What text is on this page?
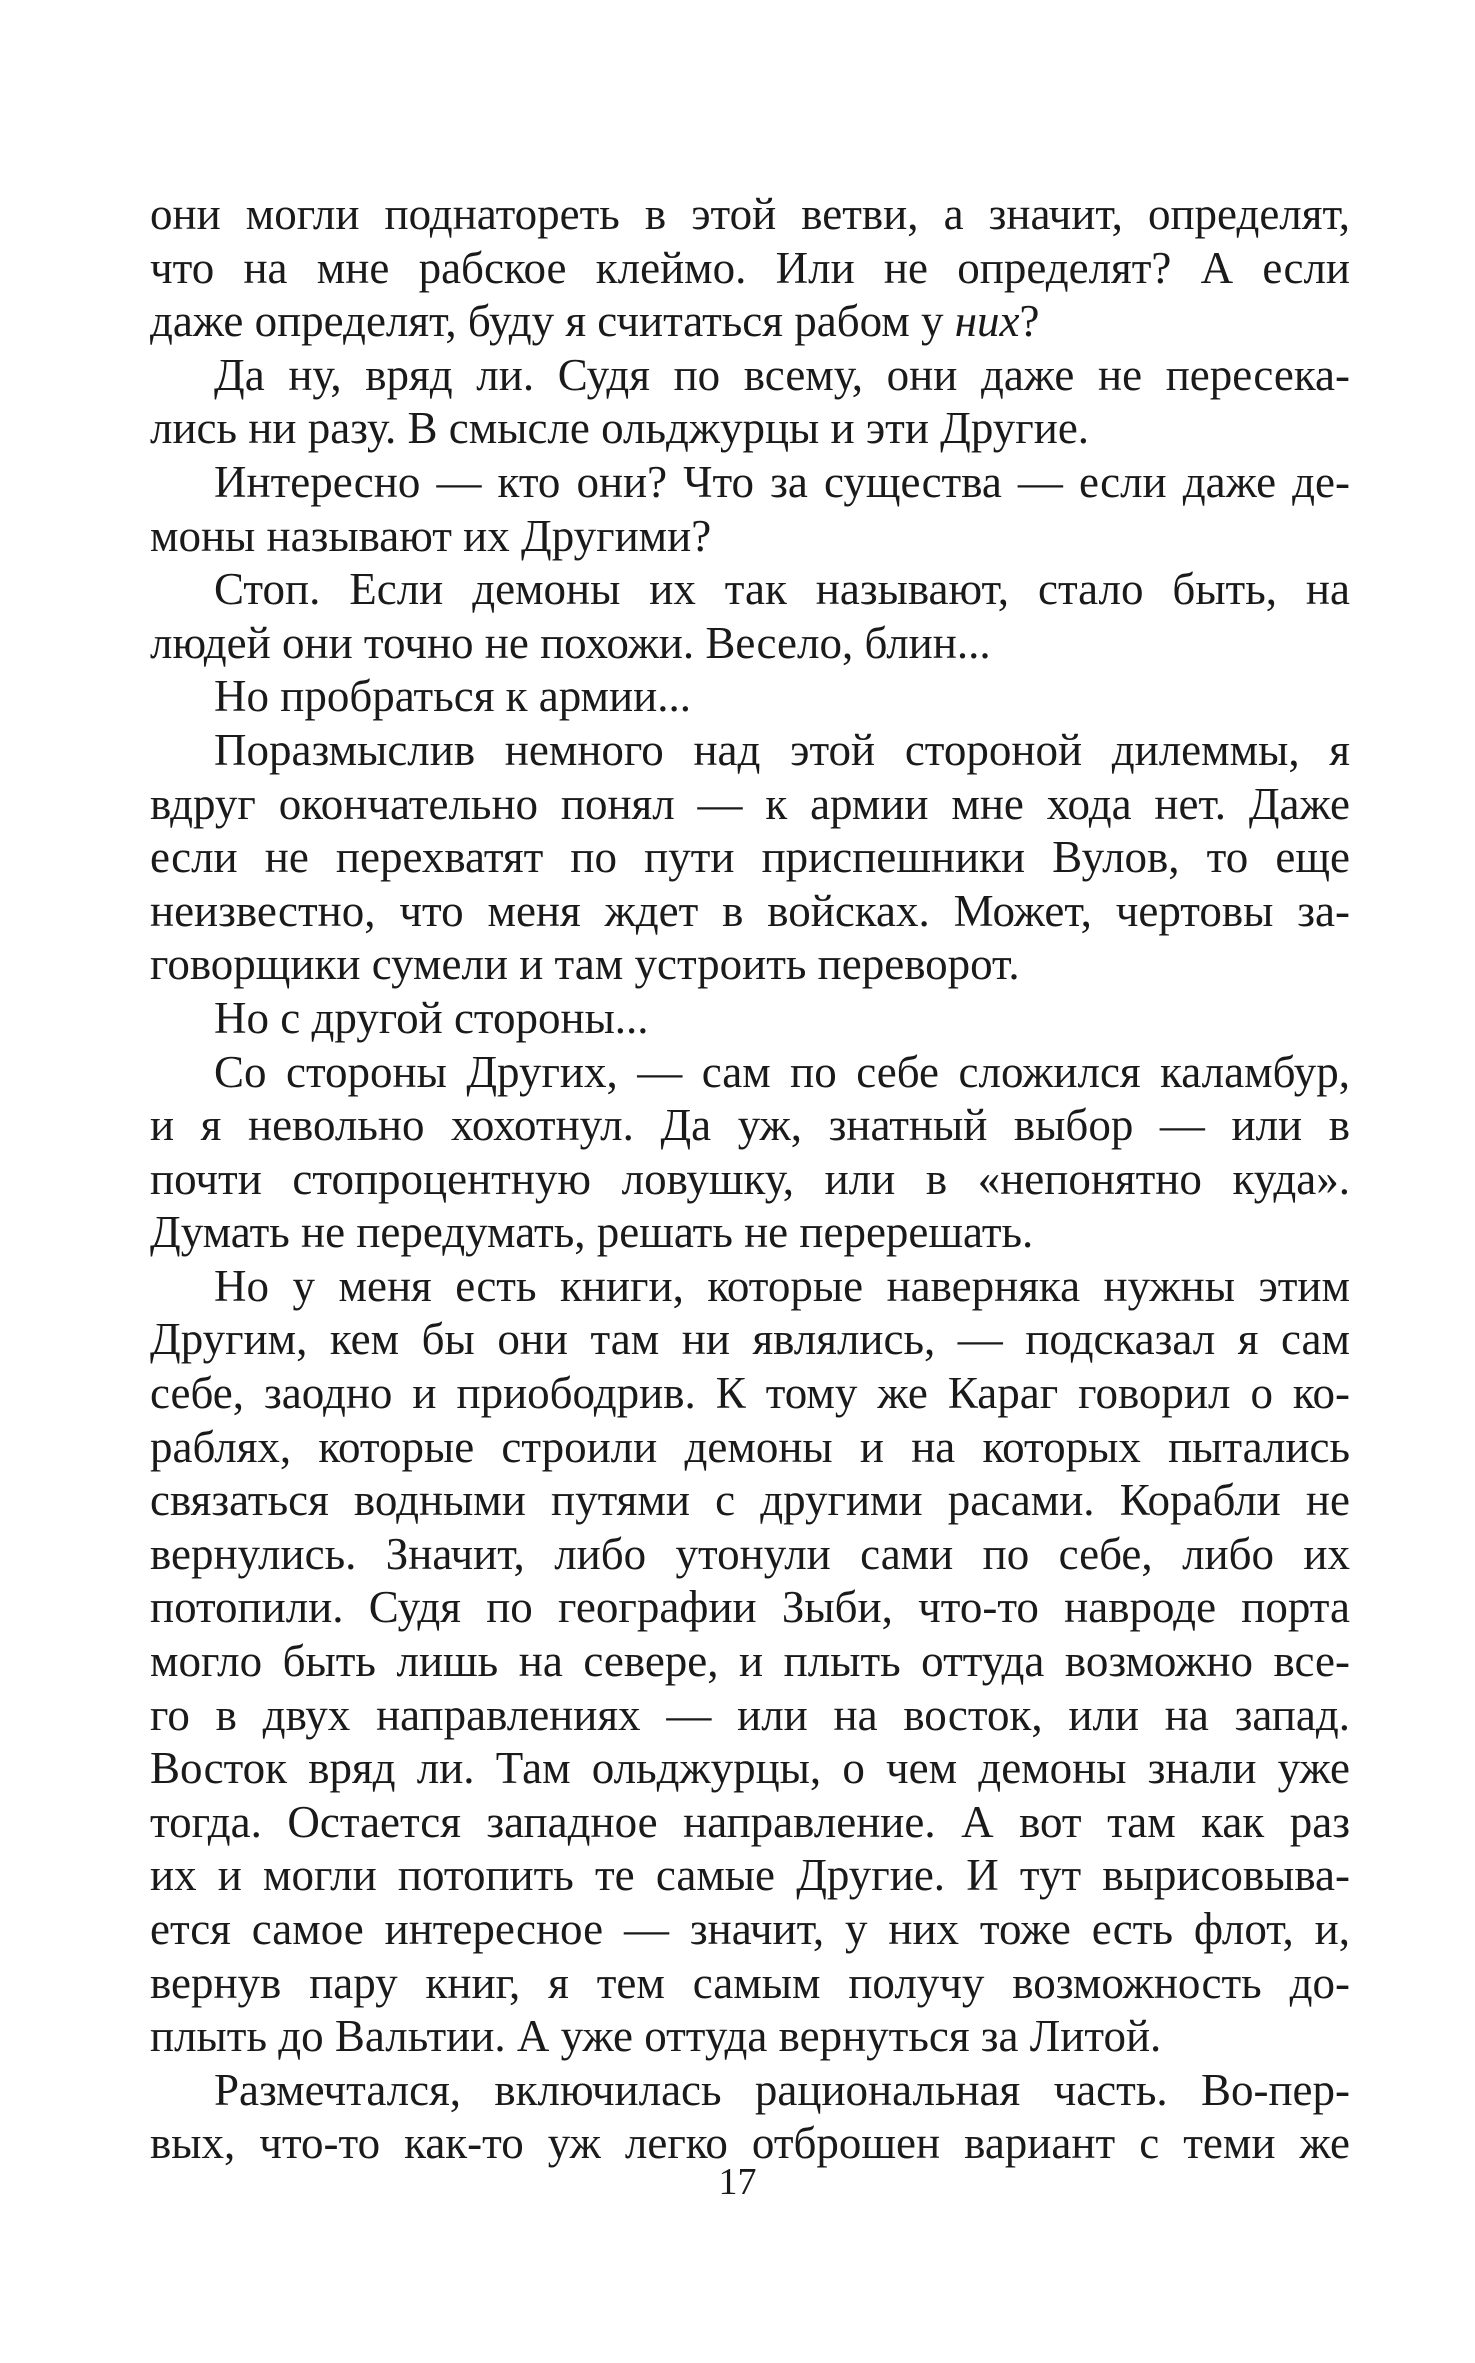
они могли поднатореть в этой ветви, а значит, определят,
что на мне рабское клеймо. Или не определят? А если
даже определят, буду я считаться рабом у них?
Да ну, вряд ли. Судя по всему, они даже не пересека-
лись ни разу. В смысле ольджурцы и эти Другие.
Интересно — кто они? Что за существа — если даже де-
моны называют их Другими?
Стоп. Если демоны их так называют, стало быть, на
людей они точно не похожи. Весело, блин...
Но пробраться к армии...
Поразмыслив немного над этой стороной дилеммы, я
вдруг окончательно понял — к армии мне хода нет. Даже
если не перехватят по пути приспешники Вулов, то еще
неизвестно, что меня ждет в войсках. Может, чертовы за-
говорщики сумели и там устроить переворот.
Но с другой стороны...
Со стороны Других, — сам по себе сложился каламбур,
и я невольно хохотнул. Да уж, знатный выбор — или в
почти стопроцентную ловушку, или в «непонятно куда».
Думать не передумать, решать не перерешать.
Но у меня есть книги, которые наверняка нужны этим
Другим, кем бы они там ни являлись, — подсказал я сам
себе, заодно и приободрив. К тому же Караг говорил о ко-
раблях, которые строили демоны и на которых пытались
связаться водными путями с другими расами. Корабли не
вернулись. Значит, либо утонули сами по себе, либо их
потопили. Судя по географии Зыби, что-то навроде порта
могло быть лишь на севере, и плыть оттуда возможно все-
го в двух направлениях — или на восток, или на запад.
Восток вряд ли. Там ольджурцы, о чем демоны знали уже
тогда. Остается западное направление. А вот там как раз
их и могли потопить те самые Другие. И тут вырисовыва-
ется самое интересное — значит, у них тоже есть флот, и,
вернув пару книг, я тем самым получу возможность до-
плыть до Вальтии. А уже оттуда вернуться за Литой.
Размечтался, включилась рациональная часть. Во-пер-
вых, что-то как-то уж легко отброшен вариант с теми же
17
